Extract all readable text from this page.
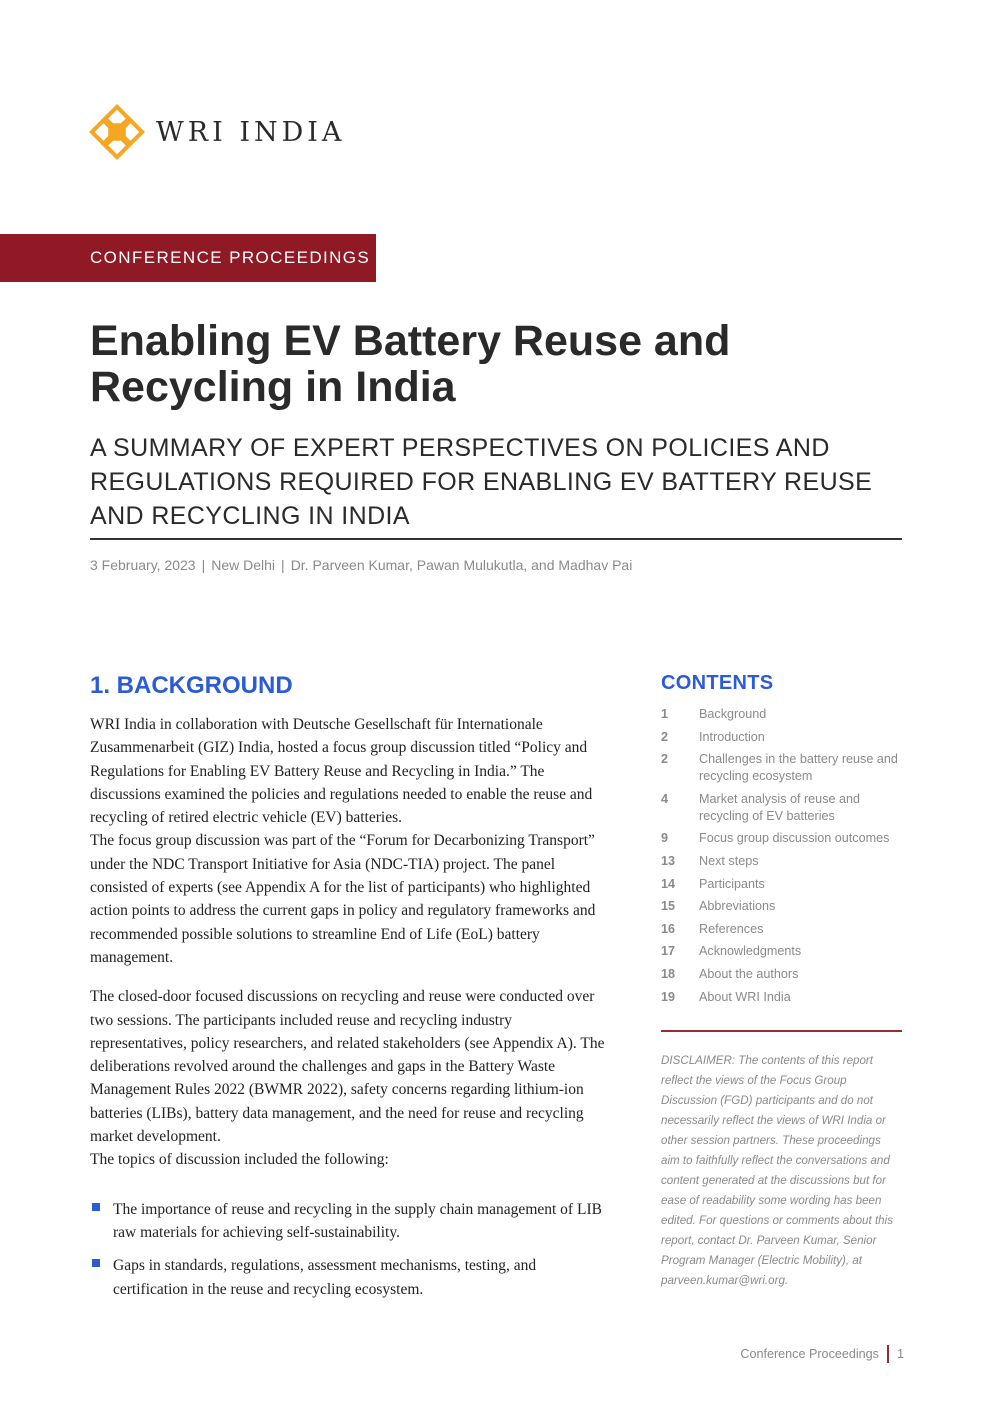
WRI INDIA
CONFERENCE PROCEEDINGS
Enabling EV Battery Reuse and Recycling in India
A SUMMARY OF EXPERT PERSPECTIVES ON POLICIES AND REGULATIONS REQUIRED FOR ENABLING EV BATTERY REUSE AND RECYCLING IN INDIA
3 February, 2023 | New Delhi | Dr. Parveen Kumar, Pawan Mulukutla, and Madhav Pai
1. BACKGROUND

WRI India in collaboration with Deutsche Gesellschaft für Internationale Zusammenarbeit (GIZ) India, hosted a focus group discussion titled “Policy and Regulations for Enabling EV Battery Reuse and Recycling in India.” The discussions examined the policies and regulations needed to enable the reuse and recycling of retired electric vehicle (EV) batteries.
The focus group discussion was part of the “Forum for Decarbonizing Transport” under the NDC Transport Initiative for Asia (NDC-TIA) project. The panel consisted of experts (see Appendix A for the list of participants) who highlighted action points to address the current gaps in policy and regulatory frameworks and recommended possible solutions to streamline End of Life (EoL) battery management.

The closed-door focused discussions on recycling and reuse were conducted over two sessions. The participants included reuse and recycling industry representatives, policy researchers, and related stakeholders (see Appendix A). The deliberations revolved around the challenges and gaps in the Battery Waste Management Rules 2022 (BWMR 2022), safety concerns regarding lithium-ion batteries (LIBs), battery data management, and the need for reuse and recycling market development.
The topics of discussion included the following:

The importance of reuse and recycling in the supply chain management of LIB raw materials for achieving self-sustainability.
Gaps in standards, regulations, assessment mechanisms, testing, and certification in the reuse and recycling ecosystem.
CONTENTS
1	Background
2	Introduction
2	Challenges in the battery reuse and recycling ecosystem
4	Market analysis of reuse and recycling of EV batteries
9	Focus group discussion outcomes
13	Next steps
14	Participants
15	Abbreviations
16	References
17	Acknowledgments
18	About the authors
19	About WRI India
DISCLAIMER: The contents of this report reflect the views of the Focus Group Discussion (FGD) participants and do not necessarily reflect the views of WRI India or other session partners. These proceedings aim to faithfully reflect the conversations and content generated at the discussions but for ease of readability some wording has been edited. For questions or comments about this report, contact Dr. Parveen Kumar, Senior Program Manager (Electric Mobility), at parveen.kumar@wri.org.
Conference Proceedings 1
